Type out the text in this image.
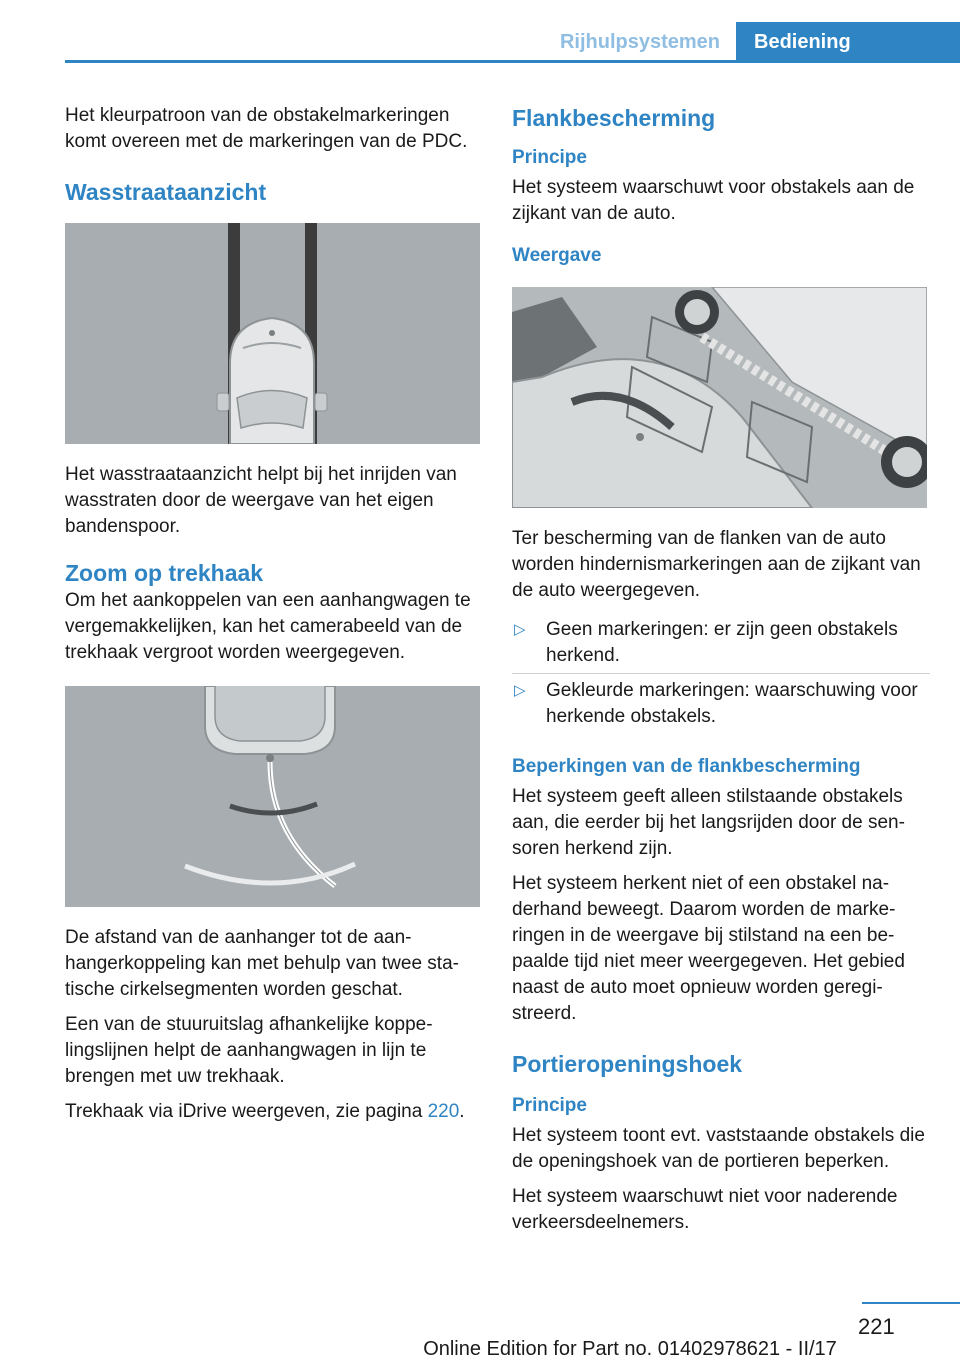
Rijhulpsystemen Bediening

Het kleurpatroon van de obstakelmarkeringen komt overeen met de markeringen van de PDC.

Wasstraataanzicht

Het wasstraataanzicht helpt bij het inrijden van wasstraten door de weergave van het eigen bandenspoor.

Zoom op trekhaak

Om het aankoppelen van een aanhangwagen te vergemakkelijken, kan het camerabeeld van de trekhaak vergroot worden weergegeven.

De afstand van de aanhanger tot de aanhangerkoppeling kan met behulp van twee statische cirkelsegmenten worden geschat.

Een van de stuuruitslag afhankelijke koppelingslijnen helpt de aanhangwagen in lijn te brengen met uw trekhaak.

Trekhaak via iDrive weergeven, zie pagina 220.

Flankbescherming
Principe

Het systeem waarschuwt voor obstakels aan de zijkant van de auto.

Weergave

Ter bescherming van de flanken van de auto worden hindernismarkeringen aan de zijkant van de auto weergegeven.

▷ Geen markeringen: er zijn geen obstakels herkend.
▷ Gekleurde markeringen: waarschuwing voor herkende obstakels.
Beperkingen van de flankbescherming

Het systeem geeft alleen stilstaande obstakels aan, die eerder bij het langsrijden door de sensoren herkend zijn.

Het systeem herkent niet of een obstakel naderhand beweegt. Daarom worden de markeringen in de weergave bij stilstand na een bepaalde tijd niet meer weergegeven. Het gebied naast de auto moet opnieuw worden geregistreerd.

Portieropeningshoek
Principe

Het systeem toont evt. vaststaande obstakels die de openingshoek van de portieren beperken.

Het systeem waarschuwt niet voor naderende verkeersdeelnemers.

221
Online Edition for Part no. 01402978621 - II/17
